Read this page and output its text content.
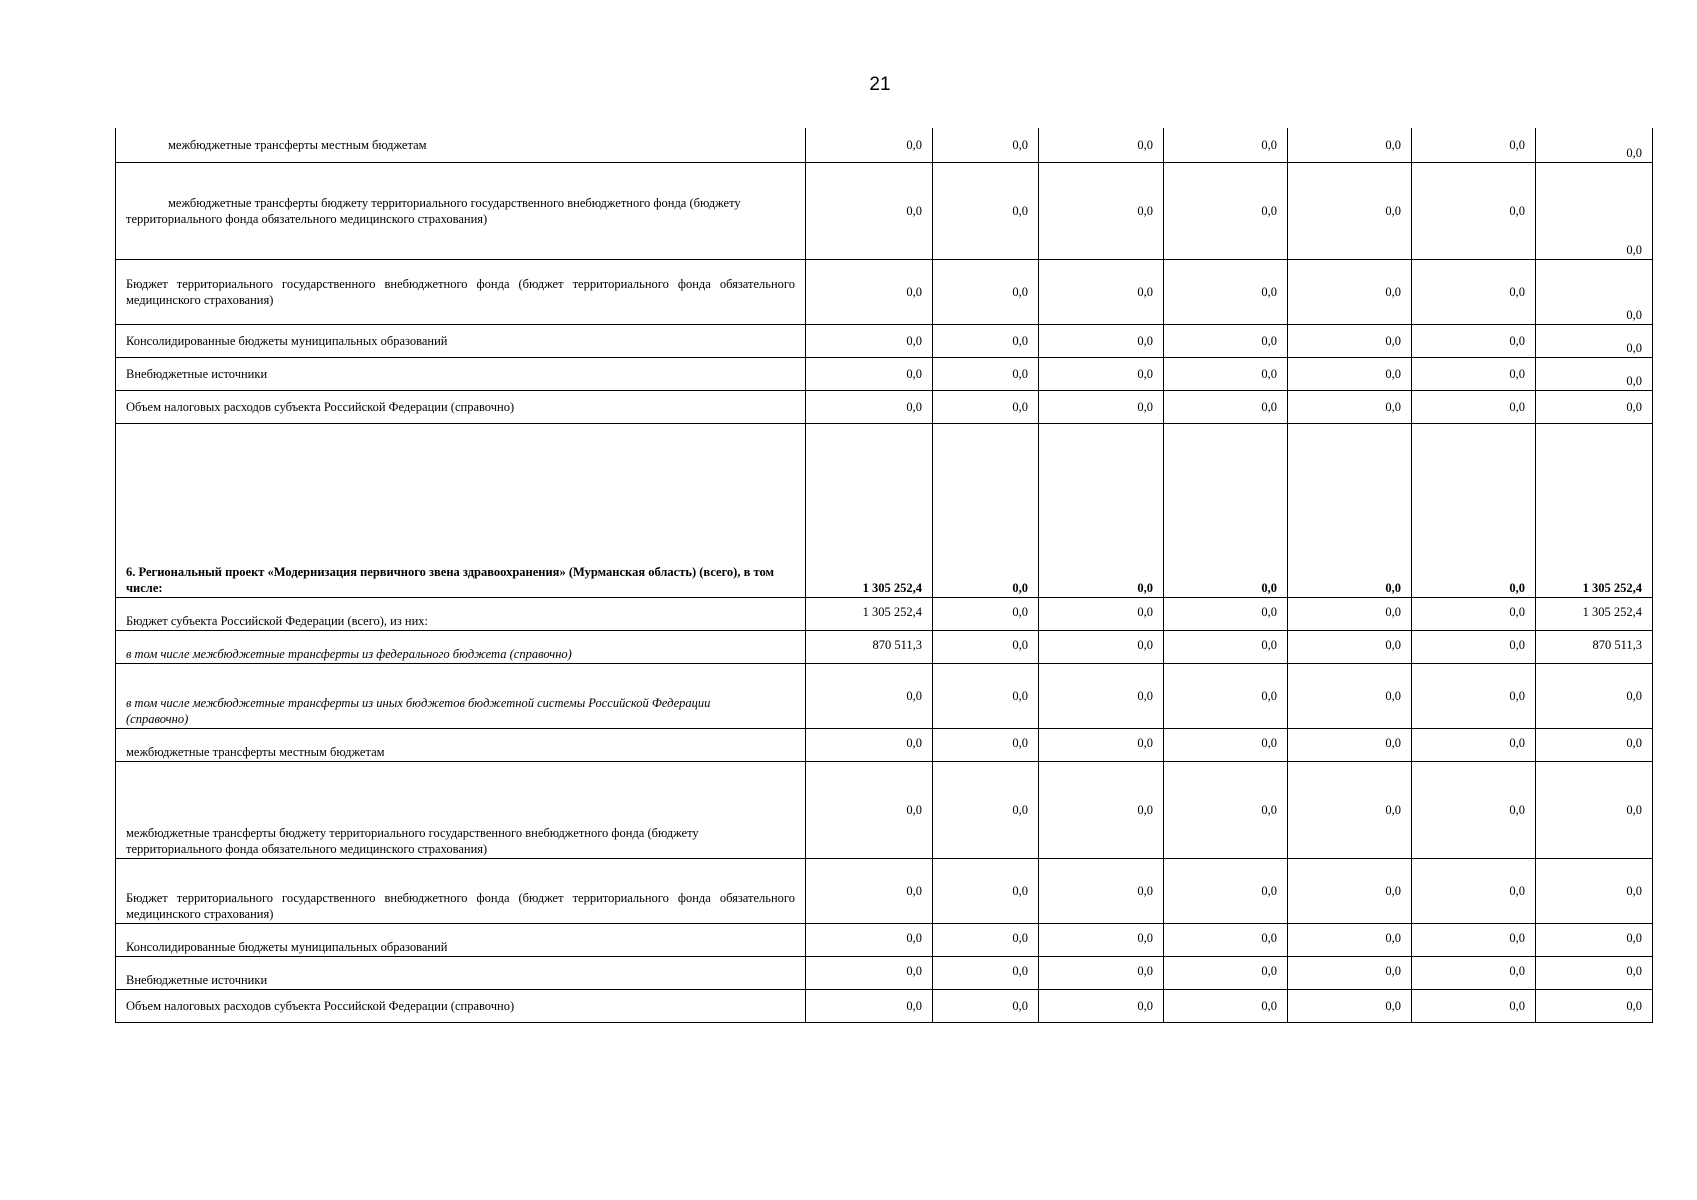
21
межбюджетные трансферты местным бюджетам	0,0	0,0	0,0	0,0	0,0	0,0	0,0
межбюджетные трансферты бюджету территориального государственного внебюджетного фонда (бюджету территориального фонда обязательного медицинского страхования)	0,0	0,0	0,0	0,0	0,0	0,0	0,0
Бюджет территориального государственного внебюджетного фонда (бюджет территориального фонда обязательного медицинского страхования)	0,0	0,0	0,0	0,0	0,0	0,0	0,0
Консолидированные бюджеты муниципальных образований	0,0	0,0	0,0	0,0	0,0	0,0	0,0
Внебюджетные источники	0,0	0,0	0,0	0,0	0,0	0,0	0,0
Объем налоговых расходов субъекта Российской Федерации (справочно)	0,0	0,0	0,0	0,0	0,0	0,0	0,0
6. Региональный проект «Модернизация первичного звена здравоохранения» (Мурманская область) (всего), в том числе:	1 305 252,4	0,0	0,0	0,0	0,0	0,0	1 305 252,4
Бюджет субъекта Российской Федерации (всего), из них:	1 305 252,4	0,0	0,0	0,0	0,0	0,0	1 305 252,4
в том числе межбюджетные трансферты из федерального бюджета (справочно)	870 511,3	0,0	0,0	0,0	0,0	0,0	870 511,3
в том числе межбюджетные трансферты из иных бюджетов бюджетной системы Российской Федерации (справочно)	0,0	0,0	0,0	0,0	0,0	0,0	0,0
межбюджетные трансферты местным бюджетам	0,0	0,0	0,0	0,0	0,0	0,0	0,0
межбюджетные трансферты бюджету территориального государственного внебюджетного фонда (бюджету территориального фонда обязательного медицинского страхования)	0,0	0,0	0,0	0,0	0,0	0,0	0,0
Бюджет территориального государственного внебюджетного фонда (бюджет территориального фонда обязательного медицинского страхования)	0,0	0,0	0,0	0,0	0,0	0,0	0,0
Консолидированные бюджеты муниципальных образований	0,0	0,0	0,0	0,0	0,0	0,0	0,0
Внебюджетные источники	0,0	0,0	0,0	0,0	0,0	0,0	0,0
Объем налоговых расходов субъекта Российской Федерации (справочно)	0,0	0,0	0,0	0,0	0,0	0,0	0,0
